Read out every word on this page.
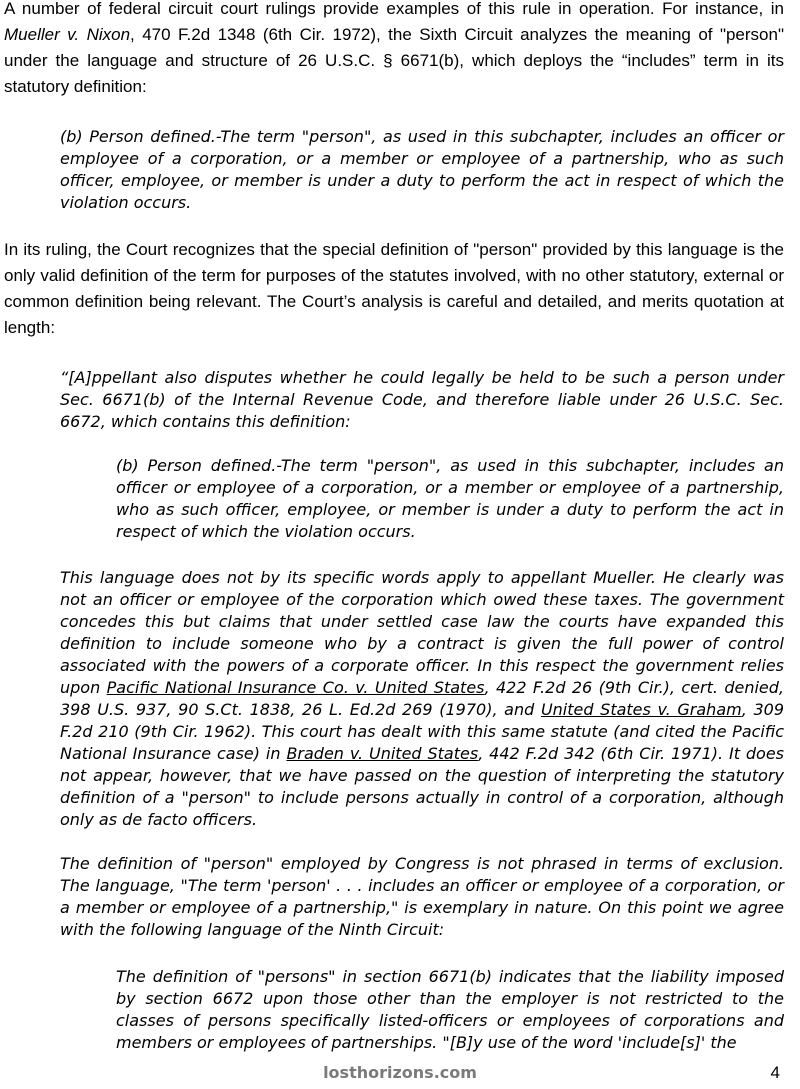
A number of federal circuit court rulings provide examples of this rule in operation. For instance, in Mueller v. Nixon, 470 F.2d 1348 (6th Cir. 1972), the Sixth Circuit analyzes the meaning of "person" under the language and structure of 26 U.S.C. § 6671(b), which deploys the “includes” term in its statutory definition:

(b) Person defined.-The term "person", as used in this subchapter, includes an officer or employee of a corporation, or a member or employee of a partnership, who as such officer, employee, or member is under a duty to perform the act in respect of which the violation occurs.

In its ruling, the Court recognizes that the special definition of "person" provided by this language is the only valid definition of the term for purposes of the statutes involved, with no other statutory, external or common definition being relevant. The Court’s analysis is careful and detailed, and merits quotation at length:

“[A]ppellant also disputes whether he could legally be held to be such a person under Sec. 6671(b) of the Internal Revenue Code, and therefore liable under 26 U.S.C. Sec. 6672, which contains this definition:

(b) Person defined.-The term "person", as used in this subchapter, includes an officer or employee of a corporation, or a member or employee of a partnership, who as such officer, employee, or member is under a duty to perform the act in respect of which the violation occurs.

This language does not by its specific words apply to appellant Mueller. He clearly was not an officer or employee of the corporation which owed these taxes. The government concedes this but claims that under settled case law the courts have expanded this definition to include someone who by a contract is given the full power of control associated with the powers of a corporate officer. In this respect the government relies upon Pacific National Insurance Co. v. United States, 422 F.2d 26 (9th Cir.), cert. denied, 398 U.S. 937, 90 S.Ct. 1838, 26 L. Ed.2d 269 (1970), and United States v. Graham, 309 F.2d 210 (9th Cir. 1962). This court has dealt with this same statute (and cited the Pacific National Insurance case) in Braden v. United States, 442 F.2d 342 (6th Cir. 1971). It does not appear, however, that we have passed on the question of interpreting the statutory definition of a "person" to include persons actually in control of a corporation, although only as de facto officers.

The definition of "person" employed by Congress is not phrased in terms of exclusion. The language, "The term 'person' . . . includes an officer or employee of a corporation, or a member or employee of a partnership," is exemplary in nature. On this point we agree with the following language of the Ninth Circuit:

The definition of "persons" in section 6671(b) indicates that the liability imposed by section 6672 upon those other than the employer is not restricted to the classes of persons specifically listed-officers or employees of corporations and members or employees of partnerships. "[B]y use of the word 'include[s]' the

losthorizons.com	4
